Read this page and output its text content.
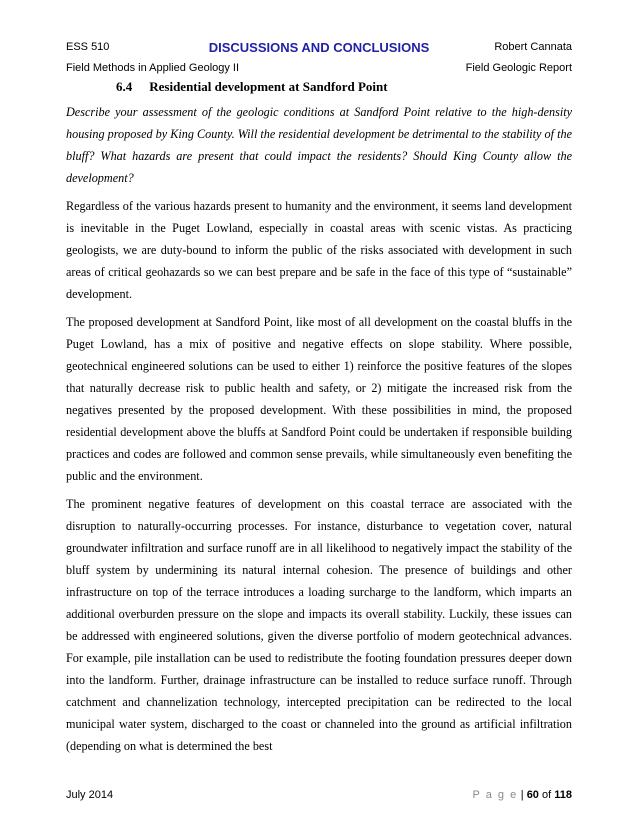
ESS 510	DISCUSSIONS AND CONCLUSIONS	Robert Cannata
Field Methods in Applied Geology II	Field Geologic Report
6.4 Residential development at Sandford Point

Describe your assessment of the geologic conditions at Sandford Point relative to the high-density housing proposed by King County. Will the residential development be detrimental to the stability of the bluff? What hazards are present that could impact the residents? Should King County allow the development?

Regardless of the various hazards present to humanity and the environment, it seems land development is inevitable in the Puget Lowland, especially in coastal areas with scenic vistas. As practicing geologists, we are duty-bound to inform the public of the risks associated with development in such areas of critical geohazards so we can best prepare and be safe in the face of this type of “sustainable” development.

The proposed development at Sandford Point, like most of all development on the coastal bluffs in the Puget Lowland, has a mix of positive and negative effects on slope stability. Where possible, geotechnical engineered solutions can be used to either 1) reinforce the positive features of the slopes that naturally decrease risk to public health and safety, or 2) mitigate the increased risk from the negatives presented by the proposed development. With these possibilities in mind, the proposed residential development above the bluffs at Sandford Point could be undertaken if responsible building practices and codes are followed and common sense prevails, while simultaneously even benefiting the public and the environment.

The prominent negative features of development on this coastal terrace are associated with the disruption to naturally-occurring processes. For instance, disturbance to vegetation cover, natural groundwater infiltration and surface runoff are in all likelihood to negatively impact the stability of the bluff system by undermining its natural internal cohesion. The presence of buildings and other infrastructure on top of the terrace introduces a loading surcharge to the landform, which imparts an additional overburden pressure on the slope and impacts its overall stability. Luckily, these issues can be addressed with engineered solutions, given the diverse portfolio of modern geotechnical advances. For example, pile installation can be used to redistribute the footing foundation pressures deeper down into the landform. Further, drainage infrastructure can be installed to reduce surface runoff. Through catchment and channelization technology, intercepted precipitation can be redirected to the local municipal water system, discharged to the coast or channeled into the ground as artificial infiltration (depending on what is determined the best

July 2014	P a g e | 60 of 118
